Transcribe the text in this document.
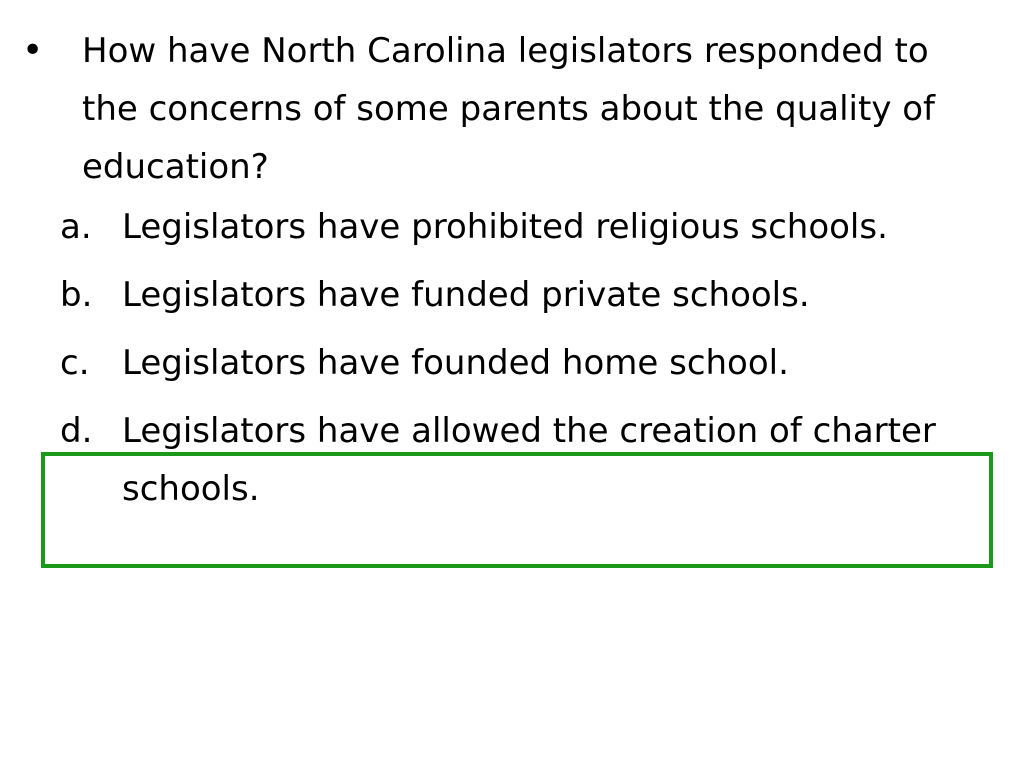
•	How have North Carolina legislators responded to the concerns of some parents about the quality of education?
a. Legislators have prohibited religious schools.
b. Legislators have funded private schools.
c. Legislators have founded home school.
d. Legislators have allowed the creation of charter schools.
